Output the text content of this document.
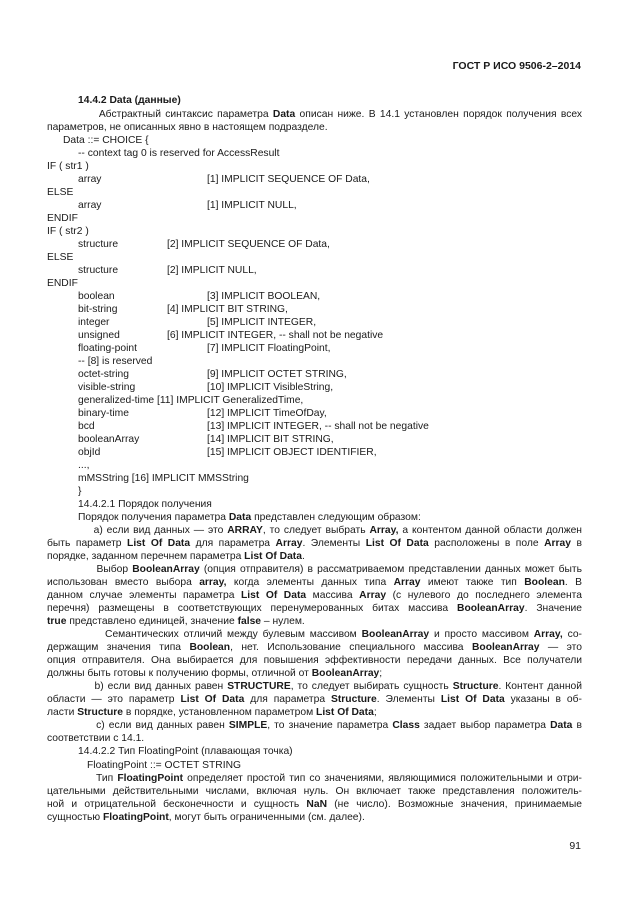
ГОСТ Р ИСО 9506-2–2014
14.4.2 Data (данные)
Абстрактный синтаксис параметра Data описан ниже. В 14.1 установлен порядок получения всех
параметров, не описанных явно в настоящем подразделе.
Data ::= CHOICE {
-- context tag 0 is reserved for AccessResult
IF ( str1 )
array	[1] IMPLICIT SEQUENCE OF Data,
ELSE
array	[1] IMPLICIT NULL,
ENDIF
IF ( str2 )
structure	[2] IMPLICIT SEQUENCE OF Data,
ELSE
structure	[2] IMPLICIT NULL,
ENDIF
boolean	[3] IMPLICIT BOOLEAN,
bit-string	[4] IMPLICIT BIT STRING,
integer	[5] IMPLICIT INTEGER,
unsigned	[6] IMPLICIT INTEGER, -- shall not be negative
floating-point	[7] IMPLICIT FloatingPoint,
-- [8] is reserved
octet-string	[9] IMPLICIT OCTET STRING,
visible-string	[10] IMPLICIT VisibleString,
generalized-time [11] IMPLICIT GeneralizedTime,
binary-time	[12] IMPLICIT TimeOfDay,
bcd	[13] IMPLICIT INTEGER, -- shall not be negative
booleanArray	[14] IMPLICIT BIT STRING,
objId	[15] IMPLICIT OBJECT IDENTIFIER,
...,
mMSString [16] IMPLICIT MMSString
}
14.4.2.1 Порядок получения
Порядок получения параметра Data представлен следующим образом:
а) если вид данных — это ARRAY, то следует выбрать Array, а контентом данной области должен
быть параметр List Of Data для параметра Array. Элементы List Of Data расположены в поле Array в
порядке, заданном перечнем параметра List Of Data.
Выбор BooleanArray (опция отправителя) в рассматриваемом представлении данных может быть
использован вместо выбора array, когда элементы данных типа Array имеют также тип Boolean. В
данном случае элементы параметра List Of Data массива Array (с нулевого до последнего элемента
перечня) размещены в соответствующих перенумерованных битах массива BooleanArray. Значение
true представлено единицей, значение false – нулем.
Семантических отличий между булевым массивом BooleanArray и просто массивом Array, со-
держащим значения типа Boolean, нет. Использование специального массива BooleanArray — это
опция отправителя. Она выбирается для повышения эффективности передачи данных. Все получатели
должны быть готовы к получению формы, отличной от BooleanArray;
b) если вид данных равен STRUCTURE, то следует выбирать сущность Structure. Контент данной
области — это параметр List Of Data для параметра Structure. Элементы List Of Data указаны в об-
ласти Structure в порядке, установленном параметром List Of Data;
с) если вид данных равен SIMPLE, то значение параметра Class задает выбор параметра Data в
соответствии с 14.1.
14.4.2.2 Тип FloatingPoint (плавающая точка)
FloatingPoint ::= OCTET STRING
Тип FloatingPoint определяет простой тип со значениями, являющимися положительными и отри-
цательными действительными числами, включая нуль. Он включает также представления положитель-
ной и отрицательной бесконечности и сущность NaN (не число). Возможные значения, принимаемые
сущностью FloatingPoint, могут быть ограниченными (см. далее).
91
